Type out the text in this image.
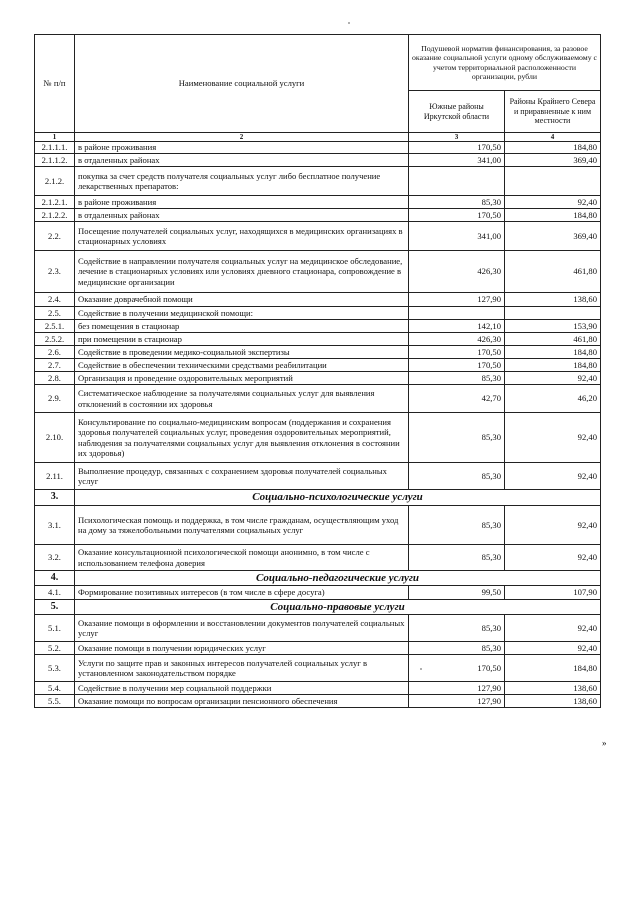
№ п/п	Наименование социальной услуги	Подушевой норматив финансирования, за разовое оказание социальной услуги одному обслуживаемому с учетом территориальной расположенности организации, рубли	
		Южные районы Иркутской области	Районы Крайнего Севера и приравненные к ним местности
1	2	3	4
2.1.1.1.	в районе проживания	170,50	184,80
2.1.1.2.	в отдаленных районах	341,00	369,40
2.1.2.	покупка за счет средств получателя социальных услуг либо бесплатное получение лекарственных препаратов:		
2.1.2.1.	в районе проживания	85,30	92,40
2.1.2.2.	в отдаленных районах	170,50	184,80
2.2.	Посещение получателей социальных услуг, находящихся в медицинских организациях в стационарных условиях	341,00	369,40
2.3.	Содействие в направлении получателя социальных услуг на медицинское обследование, лечение в стационарных условиях или условиях дневного стационара, сопровождение в медицинские организации	426,30	461,80
2.4.	Оказание доврачебной помощи	127,90	138,60
2.5.	Содействие в получении медицинской помощи:		
2.5.1.	без помещения в стационар	142,10	153,90
2.5.2.	при помещении в стационар	426,30	461,80
2.6.	Содействие в проведении медико-социальной экспертизы	170,50	184,80
2.7.	Содействие в обеспечении техническими средствами реабилитации	170,50	184,80
2.8.	Организация и проведение оздоровительных мероприятий	85,30	92,40
2.9.	Систематическое наблюдение за получателями социальных услуг для выявления отклонений в состоянии их здоровья	42,70	46,20
2.10.	Консультирование по социально-медицинским вопросам (поддержания и сохранения здоровья получателей социальных услуг, проведения оздоровительных мероприятий, наблюдения за получателями социальных услуг для выявления отклонения в состоянии их здоровья)	85,30	92,40
2.11.	Выполнение процедур, связанных с сохранением здоровья получателей социальных услуг	85,30	92,40
3.	Социально-психологические услуги		
3.1.	Психологическая помощь и поддержка, в том числе гражданам, осуществляющим уход на дому за тяжелобольными получателями социальных услуг	85,30	92,40
3.2.	Оказание консультационной психологической помощи анонимно, в том числе с использованием телефона доверия	85,30	92,40
4.	Социально-педагогические услуги		
4.1.	Формирование позитивных интересов (в том числе в сфере досуга)	99,50	107,90
5.	Социально-правовые услуги		
5.1.	Оказание помощи в оформлении и восстановлении документов получателей социальных услуг	85,30	92,40
5.2.	Оказание помощи в получении юридических услуг	85,30	92,40
5.3.	Услуги по защите прав и законных интересов получателей социальных услуг в установленном законодательством порядке	170,50	184,80
5.4.	Содействие в получении мер социальной поддержки	127,90	138,60
5.5.	Оказание помощи по вопросам организации пенсионного обеспечения	127,90	138,60
»
